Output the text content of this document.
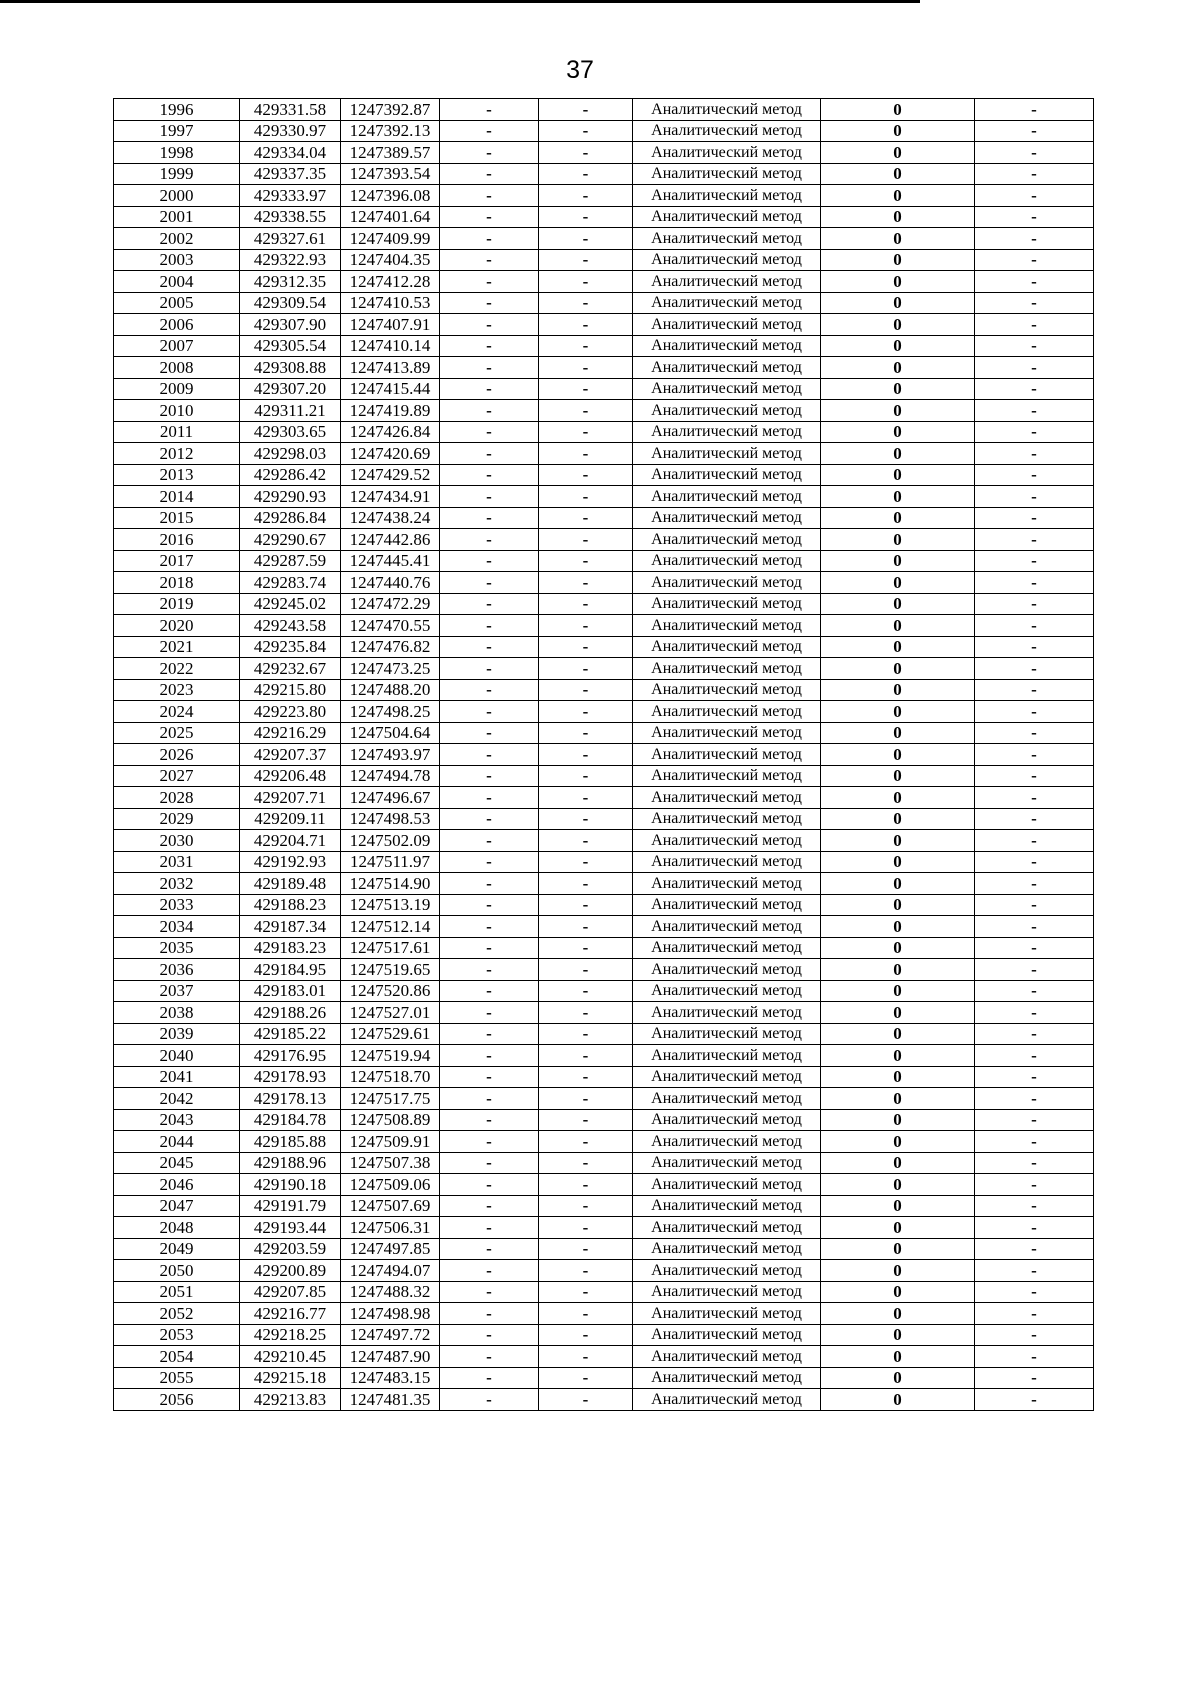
37
1996	429331.58	1247392.87	-	-	Аналитический метод	0	-
1997	429330.97	1247392.13	-	-	Аналитический метод	0	-
1998	429334.04	1247389.57	-	-	Аналитический метод	0	-
1999	429337.35	1247393.54	-	-	Аналитический метод	0	-
2000	429333.97	1247396.08	-	-	Аналитический метод	0	-
2001	429338.55	1247401.64	-	-	Аналитический метод	0	-
2002	429327.61	1247409.99	-	-	Аналитический метод	0	-
2003	429322.93	1247404.35	-	-	Аналитический метод	0	-
2004	429312.35	1247412.28	-	-	Аналитический метод	0	-
2005	429309.54	1247410.53	-	-	Аналитический метод	0	-
2006	429307.90	1247407.91	-	-	Аналитический метод	0	-
2007	429305.54	1247410.14	-	-	Аналитический метод	0	-
2008	429308.88	1247413.89	-	-	Аналитический метод	0	-
2009	429307.20	1247415.44	-	-	Аналитический метод	0	-
2010	429311.21	1247419.89	-	-	Аналитический метод	0	-
2011	429303.65	1247426.84	-	-	Аналитический метод	0	-
2012	429298.03	1247420.69	-	-	Аналитический метод	0	-
2013	429286.42	1247429.52	-	-	Аналитический метод	0	-
2014	429290.93	1247434.91	-	-	Аналитический метод	0	-
2015	429286.84	1247438.24	-	-	Аналитический метод	0	-
2016	429290.67	1247442.86	-	-	Аналитический метод	0	-
2017	429287.59	1247445.41	-	-	Аналитический метод	0	-
2018	429283.74	1247440.76	-	-	Аналитический метод	0	-
2019	429245.02	1247472.29	-	-	Аналитический метод	0	-
2020	429243.58	1247470.55	-	-	Аналитический метод	0	-
2021	429235.84	1247476.82	-	-	Аналитический метод	0	-
2022	429232.67	1247473.25	-	-	Аналитический метод	0	-
2023	429215.80	1247488.20	-	-	Аналитический метод	0	-
2024	429223.80	1247498.25	-	-	Аналитический метод	0	-
2025	429216.29	1247504.64	-	-	Аналитический метод	0	-
2026	429207.37	1247493.97	-	-	Аналитический метод	0	-
2027	429206.48	1247494.78	-	-	Аналитический метод	0	-
2028	429207.71	1247496.67	-	-	Аналитический метод	0	-
2029	429209.11	1247498.53	-	-	Аналитический метод	0	-
2030	429204.71	1247502.09	-	-	Аналитический метод	0	-
2031	429192.93	1247511.97	-	-	Аналитический метод	0	-
2032	429189.48	1247514.90	-	-	Аналитический метод	0	-
2033	429188.23	1247513.19	-	-	Аналитический метод	0	-
2034	429187.34	1247512.14	-	-	Аналитический метод	0	-
2035	429183.23	1247517.61	-	-	Аналитический метод	0	-
2036	429184.95	1247519.65	-	-	Аналитический метод	0	-
2037	429183.01	1247520.86	-	-	Аналитический метод	0	-
2038	429188.26	1247527.01	-	-	Аналитический метод	0	-
2039	429185.22	1247529.61	-	-	Аналитический метод	0	-
2040	429176.95	1247519.94	-	-	Аналитический метод	0	-
2041	429178.93	1247518.70	-	-	Аналитический метод	0	-
2042	429178.13	1247517.75	-	-	Аналитический метод	0	-
2043	429184.78	1247508.89	-	-	Аналитический метод	0	-
2044	429185.88	1247509.91	-	-	Аналитический метод	0	-
2045	429188.96	1247507.38	-	-	Аналитический метод	0	-
2046	429190.18	1247509.06	-	-	Аналитический метод	0	-
2047	429191.79	1247507.69	-	-	Аналитический метод	0	-
2048	429193.44	1247506.31	-	-	Аналитический метод	0	-
2049	429203.59	1247497.85	-	-	Аналитический метод	0	-
2050	429200.89	1247494.07	-	-	Аналитический метод	0	-
2051	429207.85	1247488.32	-	-	Аналитический метод	0	-
2052	429216.77	1247498.98	-	-	Аналитический метод	0	-
2053	429218.25	1247497.72	-	-	Аналитический метод	0	-
2054	429210.45	1247487.90	-	-	Аналитический метод	0	-
2055	429215.18	1247483.15	-	-	Аналитический метод	0	-
2056	429213.83	1247481.35	-	-	Аналитический метод	0	-
